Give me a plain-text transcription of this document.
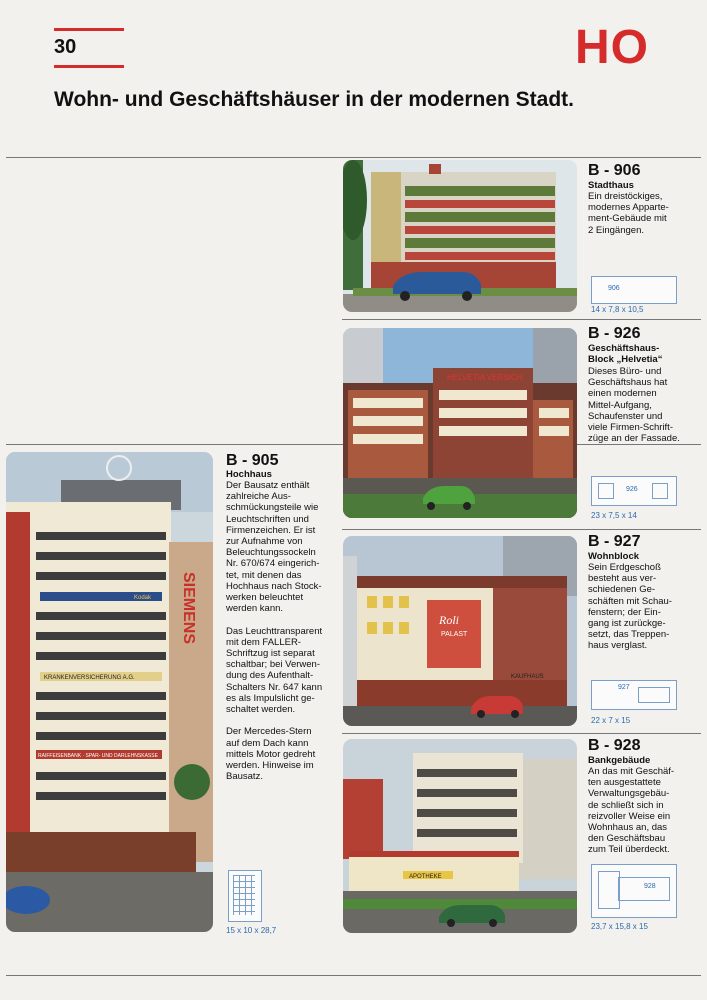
30	HO
Wohn- und Geschäftshäuser in der modernen Stadt.
B - 906
Stadthaus
Ein dreistöckiges,
modernes Apparte-
ment-Gebäude mit
2 Eingängen.
906
14 x 7,8 x 10,5
HELVETIA VERSICH
B - 926
Geschäftshaus-
Block „Helvetia“
Dieses Büro- und
Geschäftshaus hat
einen modernen
Mittel-Aufgang,
Schaufenster und
viele Firmen-Schrift-
züge an der Fassade.
926
23 x 7,5 x 14
Kodak
KRANKENVERSICHERUNG A.G.
RAIFFEISENBANK · SPAR- UND DARLEHNSKASSE
SIEMENS
B - 905
Hochhaus
Der Bausatz enthält
zahlreiche Aus-
schmückungsteile wie
Leuchtschriften und
Firmenzeichen. Er ist
zur Aufnahme von
Beleuchtungssockeln
Nr. 670/674 eingerich-
tet, mit denen das
Hochhaus nach Stock-
werken beleuchtet
werden kann.

Das Leuchttransparent
mit dem FALLER-
Schriftzug ist separat
schaltbar; bei Verwen-
dung des Aufenthalt-
Schalters Nr. 647 kann
es als Impulslicht ge-
schaltet werden.

Der Mercedes-Stern
auf dem Dach kann
mittels Motor gedreht
werden. Hinweise im
Bausatz.
15 x 10 x 28,7
Roli
PALAST
KAUFHAUS
B - 927
Wohnblock
Sein Erdgeschoß
besteht aus ver-
schiedenen Ge-
schäften mit Schau-
fenstern; der Ein-
gang ist zurückge-
setzt, das Treppen-
haus verglast.
927
22 x 7 x 15
APOTHEKE
B - 928
Bankgebäude
An das mit Geschäf-
ten ausgestattete
Verwaltungsgebäu-
de schließt sich in
reizvoller Weise ein
Wohnhaus an, das
den Geschäftsbau
zum Teil überdeckt.
928
23,7 x 15,8 x 15
